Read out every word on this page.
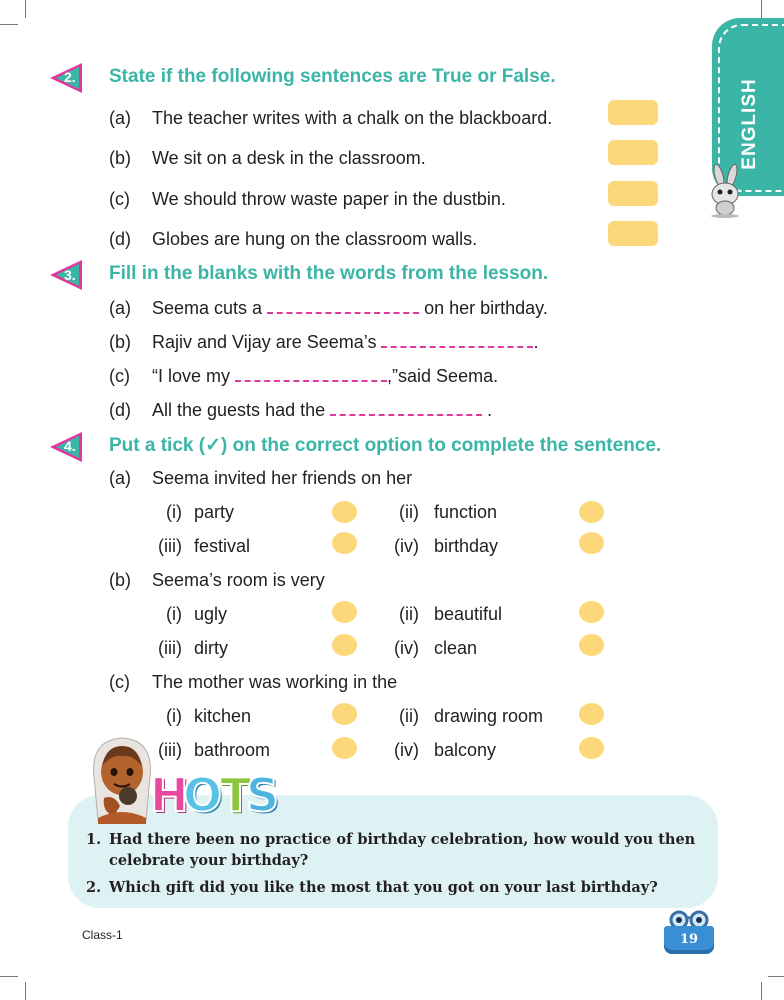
ENGLISH
2. State if the following sentences are True or False.
(a) The teacher writes with a chalk on the blackboard.
(b) We sit on a desk in the classroom.
(c) We should throw waste paper in the dustbin.
(d) Globes are hung on the classroom walls.
3. Fill in the blanks with the words from the lesson.
(a) Seema cuts a	on her birthday.
(b) Rajiv and Vijay are Seema’s	.
(c) “I love my	,”said Seema.
(d) All the guests had the	.
4. Put a tick (✓) on the correct option to complete the sentence.
(a) Seema invited her friends on her
(i) party	(ii) function
(iii) festival	(iv) birthday
(b) Seema’s room is very
(i) ugly	(ii) beautiful
(iii) dirty	(iv) clean
(c) The mother was working in the
(i) kitchen	(ii) drawing room
(iii) bathroom	(iv) balcony
H
O
T
S
1. Had there been no practice of birthday celebration, how would you then
celebrate your birthday?
2. Which gift did you like the most that you got on your last birthday?
Class-1	19
